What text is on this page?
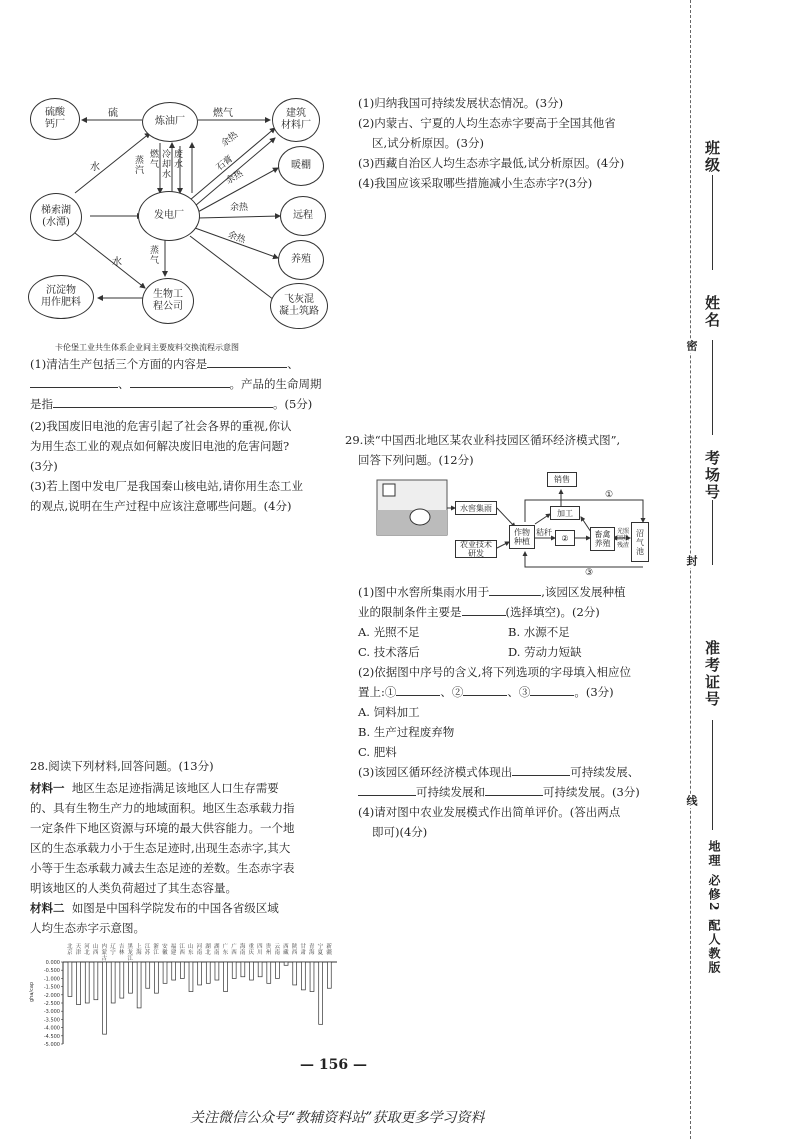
硫酸
钙厂	炼油厂
建筑
材料厂
暖棚
梯索湖
(水潭)
发电厂	远程
养殖
沉淀物
用作肥料
生物工
程公司
飞灰混
凝土筑路
硫	燃气
水
蒸
汽
燃
气
冷
却
水
废
水
余热
石膏
余热
余热
余热
水
蒸
气
卡伦堡工业共生体系企业间主要废料交换流程示意图
(1)清洁生产包括三个方面的内容是	、
、	。产品的生命周期
是指	。(5分)
(2)我国废旧电池的危害引起了社会各界的重视,你认
为用生态工业的观点如何解决废旧电池的危害问题?
(3分)
(3)若上图中发电厂是我国秦山核电站,请你用生态工业
的观点,说明在生产过程中应该注意哪些问题。(4分)
28.阅读下列材料,回答问题。(13分)
材料一 地区生态足迹指满足该地区人口生存需要
的、具有生物生产力的地域面积。地区生态承载力指
一定条件下地区资源与环境的最大供容能力。一个地
区的生态承载力小于生态足迹时,出现生态赤字,其大
小等于生态承载力减去生态足迹的差数。生态赤字表
明该地区的人类负荷超过了其生态容量。
材料二 如图是中国科学院发布的中国各省级区域
人均生态赤字示意图。
0.000
-0.500
-1.000
-1.500
-2.000
-2.500
-3.000
-3.500
-4.000
-4.500
-5.000
gha/cap
北
京
天
津
河
北
山
西
内
蒙
古
辽
宁
吉
林
黑
龙
江
上
海
江
苏
浙
江
安
徽
福
建
江
西
山
东
河
南
湖
北
湖
南
广
东
广
西
海
南
重
庆
四
川
贵
州
云
南
西
藏
陕
西
甘
肃
青
海
宁
夏
新
疆
(1)归纳我国可持续发展状态情况。(3分)
(2)内蒙古、宁夏的人均生态赤字要高于全国其他省
区,试分析原因。(3分)
(3)西藏自治区人均生态赤字最低,试分析原因。(4分)
(4)我国应该采取哪些措施减小生态赤字?(3分)
29.读“中国西北地区某农业科技园区循环经济模式图”,
回答下列问题。(12分)
销售
水窖集雨
加工
农业技术
研发
作物
种植
秸秆
②	畜禽
养殖
光照
回热
残渣
沼
气
池
①
③
(1)图中水窖所集雨水用于	,该园区发展种植
业的限制条件主要是	(选择填空)。(2分)
A. 光照不足	B. 水源不足
C. 技术落后	D. 劳动力短缺
(2)依据图中序号的含义,将下列选项的字母填入相应位
置上:①	、②	、③	。(3分)
A. 饲料加工
B. 生产过程废弃物
C. 肥料
(3)该园区循环经济模式体现出	可持续发展、
可持续发展和	可持续发展。(3分)
(4)请对图中农业发展模式作出简单评价。(答出两点
即可)(4分)
班级
姓名
考场号
准考证号
密
封
线
地理 必修2 配人教版
— 156 —
关注微信公众号“教辅资料站”获取更多学习资料
